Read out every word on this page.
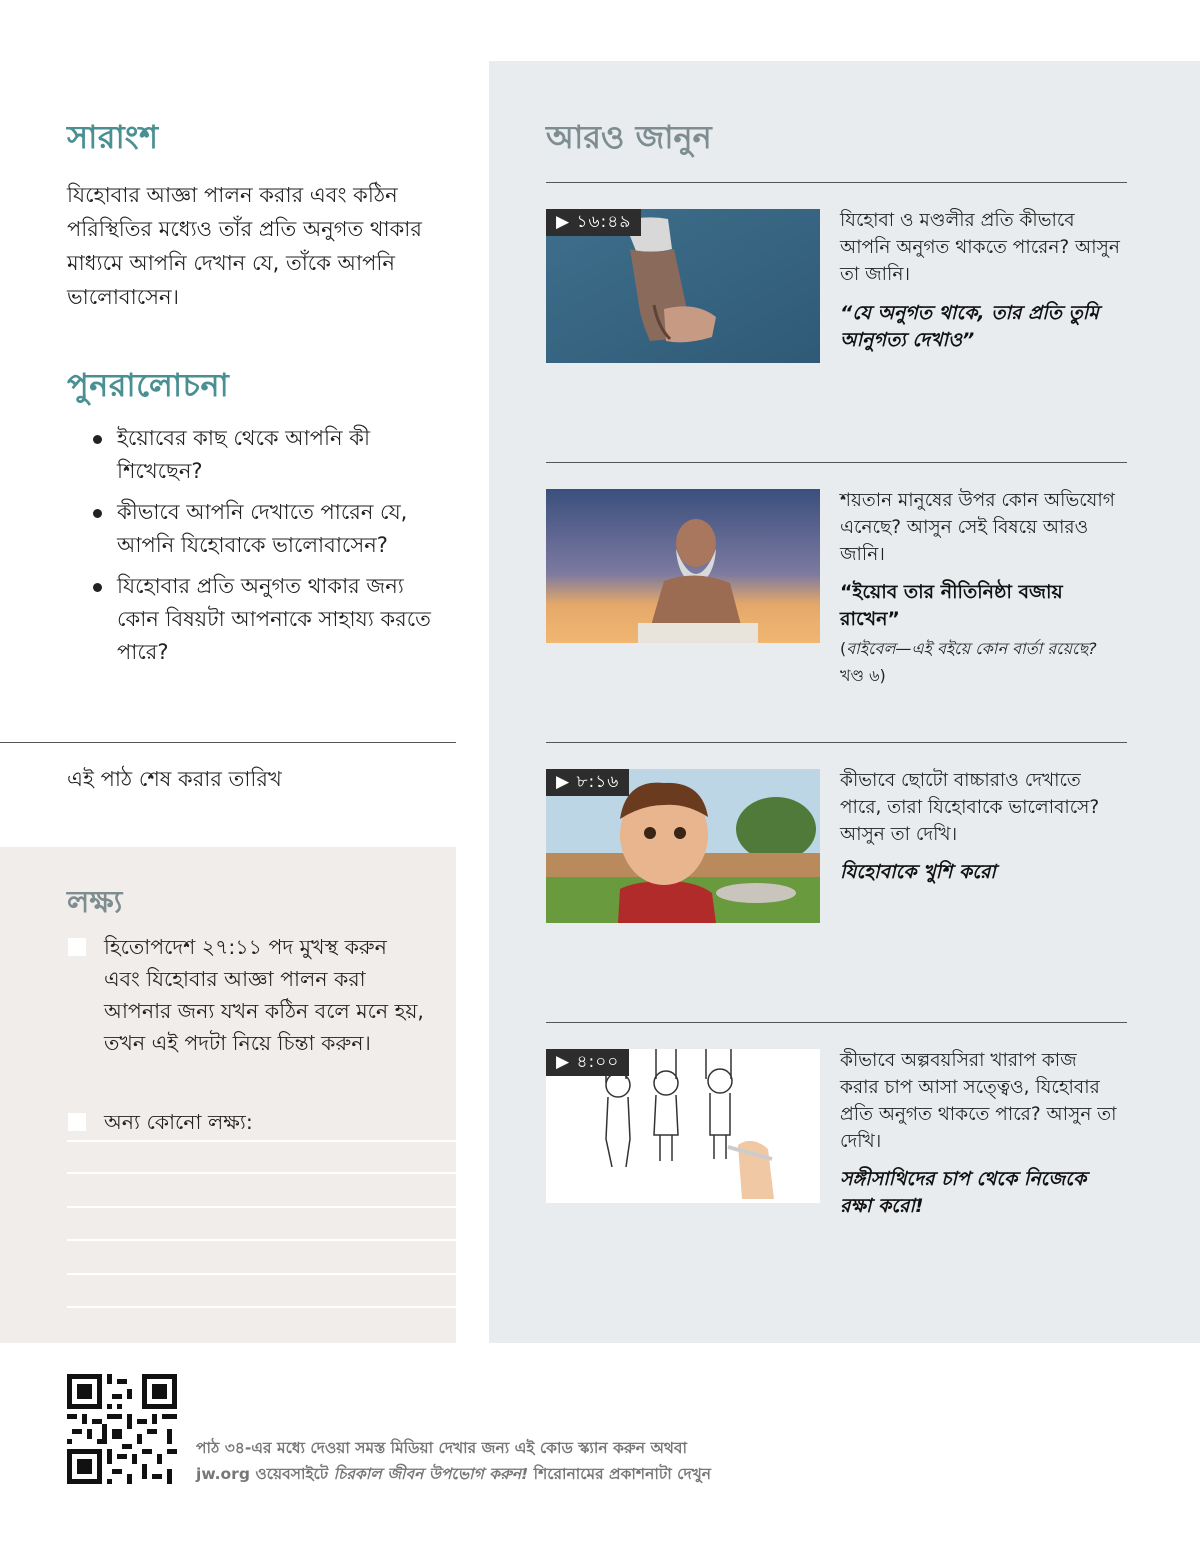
সারাংশ
যিহোবার আজ্ঞা পালন করার এবং কঠিন পরিস্থিতির মধ্যেও তাঁর প্রতি অনুগত থাকার মাধ্যমে আপনি দেখান যে, তাঁকে আপনি ভালোবাসেন।
পুনরালোচনা
ইয়োবের কাছ থেকে আপনি কী শিখেছেন?
কীভাবে আপনি দেখাতে পারেন যে, আপনি যিহোবাকে ভালোবাসেন?
যিহোবার প্রতি অনুগত থাকার জন্য কোন বিষয়টা আপনাকে সাহায্য করতে পারে?
এই পাঠ শেষ করার তারিখ
লক্ষ্য
হিতোপদেশ ২৭:১১ পদ মুখস্থ করুন এবং যিহোবার আজ্ঞা পালন করা আপনার জন্য যখন কঠিন বলে মনে হয়, তখন এই পদটা নিয়ে চিন্তা করুন।
অন্য কোনো লক্ষ্য:
আরও জানুন
▶ ১৬:৪৯	যিহোবা ও মণ্ডলীর প্রতি কীভাবে আপনি অনুগত থাকতে পারেন? আসুন তা জানি।
“যে অনুগত থাকে, তার প্রতি তুমি আনুগত্য দেখাও”
শয়তান মানুষের উপর কোন অভিযোগ এনেছে? আসুন সেই বিষয়ে আরও জানি।
“ইয়োব তার নীতিনিষ্ঠা বজায় রাখেন”
(বাইবেল—এই বইয়ে কোন বার্তা রয়েছে? খণ্ড ৬)
▶ ৮:১৬	কীভাবে ছোটো বাচ্চারাও দেখাতে পারে, তারা যিহোবাকে ভালোবাসে? আসুন তা দেখি।
যিহোবাকে খুশি করো
▶ ৪:০০	কীভাবে অল্পবয়সিরা খারাপ কাজ করার চাপ আসা সত্ত্বেও, যিহোবার প্রতি অনুগত থাকতে পারে? আসুন তা দেখি।
সঙ্গীসাথিদের চাপ থেকে নিজেকে রক্ষা করো!
পাঠ ৩৪-এর মধ্যে দেওয়া সমস্ত মিডিয়া দেখার জন্য এই কোড স্ক্যান করুন অথবা
jw.org ওয়েবসাইটে চিরকাল জীবন উপভোগ করুন! শিরোনামের প্রকাশনাটা দেখুন
